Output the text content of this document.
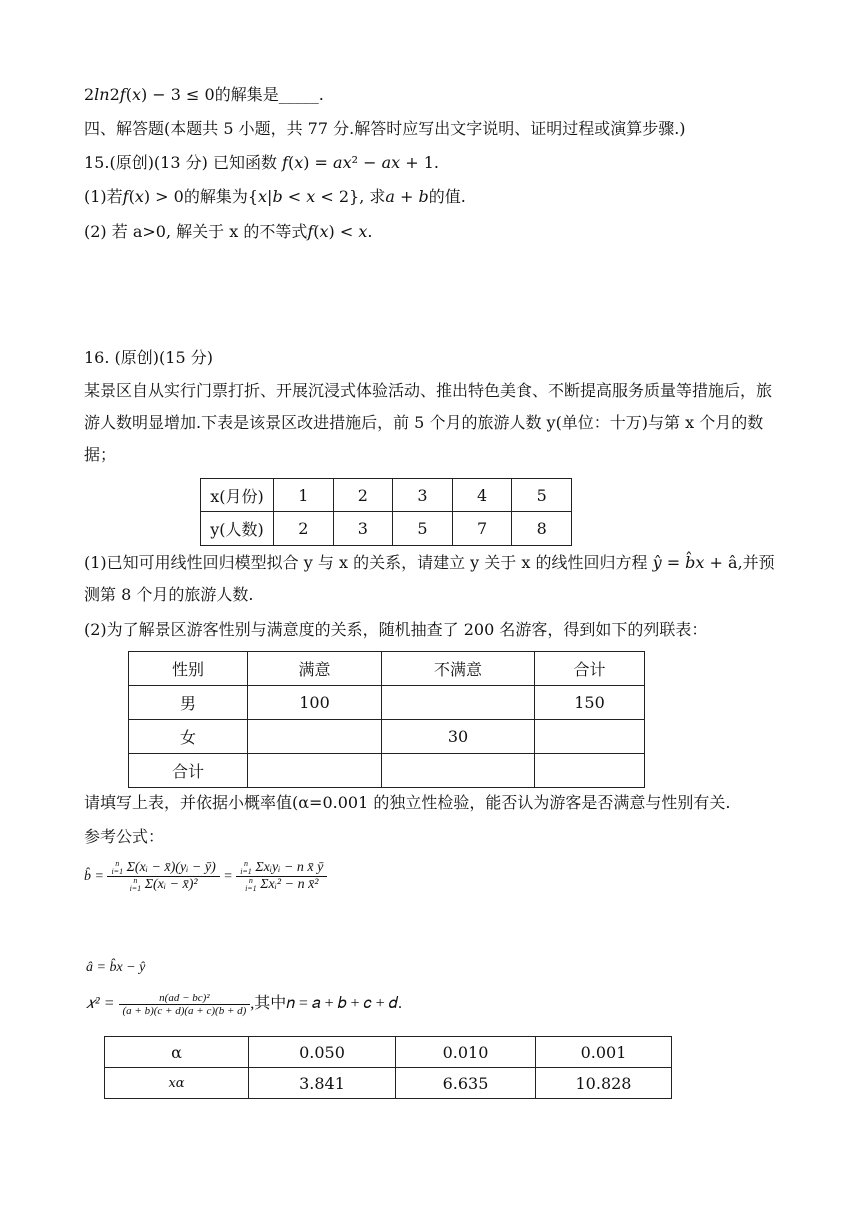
2𝑙𝑛2𝑓(𝑥) − 3 ≤ 0的解集是_____.
四、解答题(本题共 5 小题，共 77 分.解答时应写出文字说明、证明过程或演算步骤.)
15.(原创)(13 分) 已知函数 𝑓(𝑥) = 𝑎𝑥² − 𝑎𝑥 + 1.
(1)若𝑓(𝑥) > 0的解集为{𝑥|𝑏 < 𝑥 < 2}, 求𝑎 + 𝑏的值.
(2) 若 a>0, 解关于 x 的不等式𝑓(𝑥) < 𝑥.
16. (原创)(15 分)
某景区自从实行门票打折、开展沉浸式体验活动、推出特色美食、不断提高服务质量等措施后，旅游人数明显增加.下表是该景区改进措施后，前 5 个月的旅游人数 y(单位：十万)与第 x 个月的数据；
x(月份)	1	2	3	4	5
y(人数)	2	3	5	7	8
(1)已知可用线性回归模型拟合 y 与 x 的关系，请建立 y 关于 x 的线性回归方程 𝑦̂ = 𝑏̂𝑥 + â,并预测第 8 个月的旅游人数.
(2)为了解景区游客性别与满意度的关系，随机抽查了 200 名游客，得到如下的列联表：
性别	满意	不满意	合计
男	100		150
女		30	
合计			
请填写上表，并依据小概率值(α=0.001 的独立性检验，能否认为游客是否满意与性别有关.
参考公式：
b̂ = n
i=1 Σ(xᵢ − x̄)(yᵢ − ȳ)
n
i=1 Σ(xᵢ − x̄)² = n
i=1 Σxᵢyᵢ − n x̄ ȳ
n
i=1 Σxᵢ² − n x̄²
â = b̂x − ŷ
𝑥² = $\frac{\text{n(ad − bc)²}}{(a + b)(c + d)(a + c)(b + d)}$ ,其中𝑛 = 𝑎 + 𝑏 + 𝑐 + 𝑑.
α	0.050	0.010	0.001
xα	3.841	6.635	10.828
